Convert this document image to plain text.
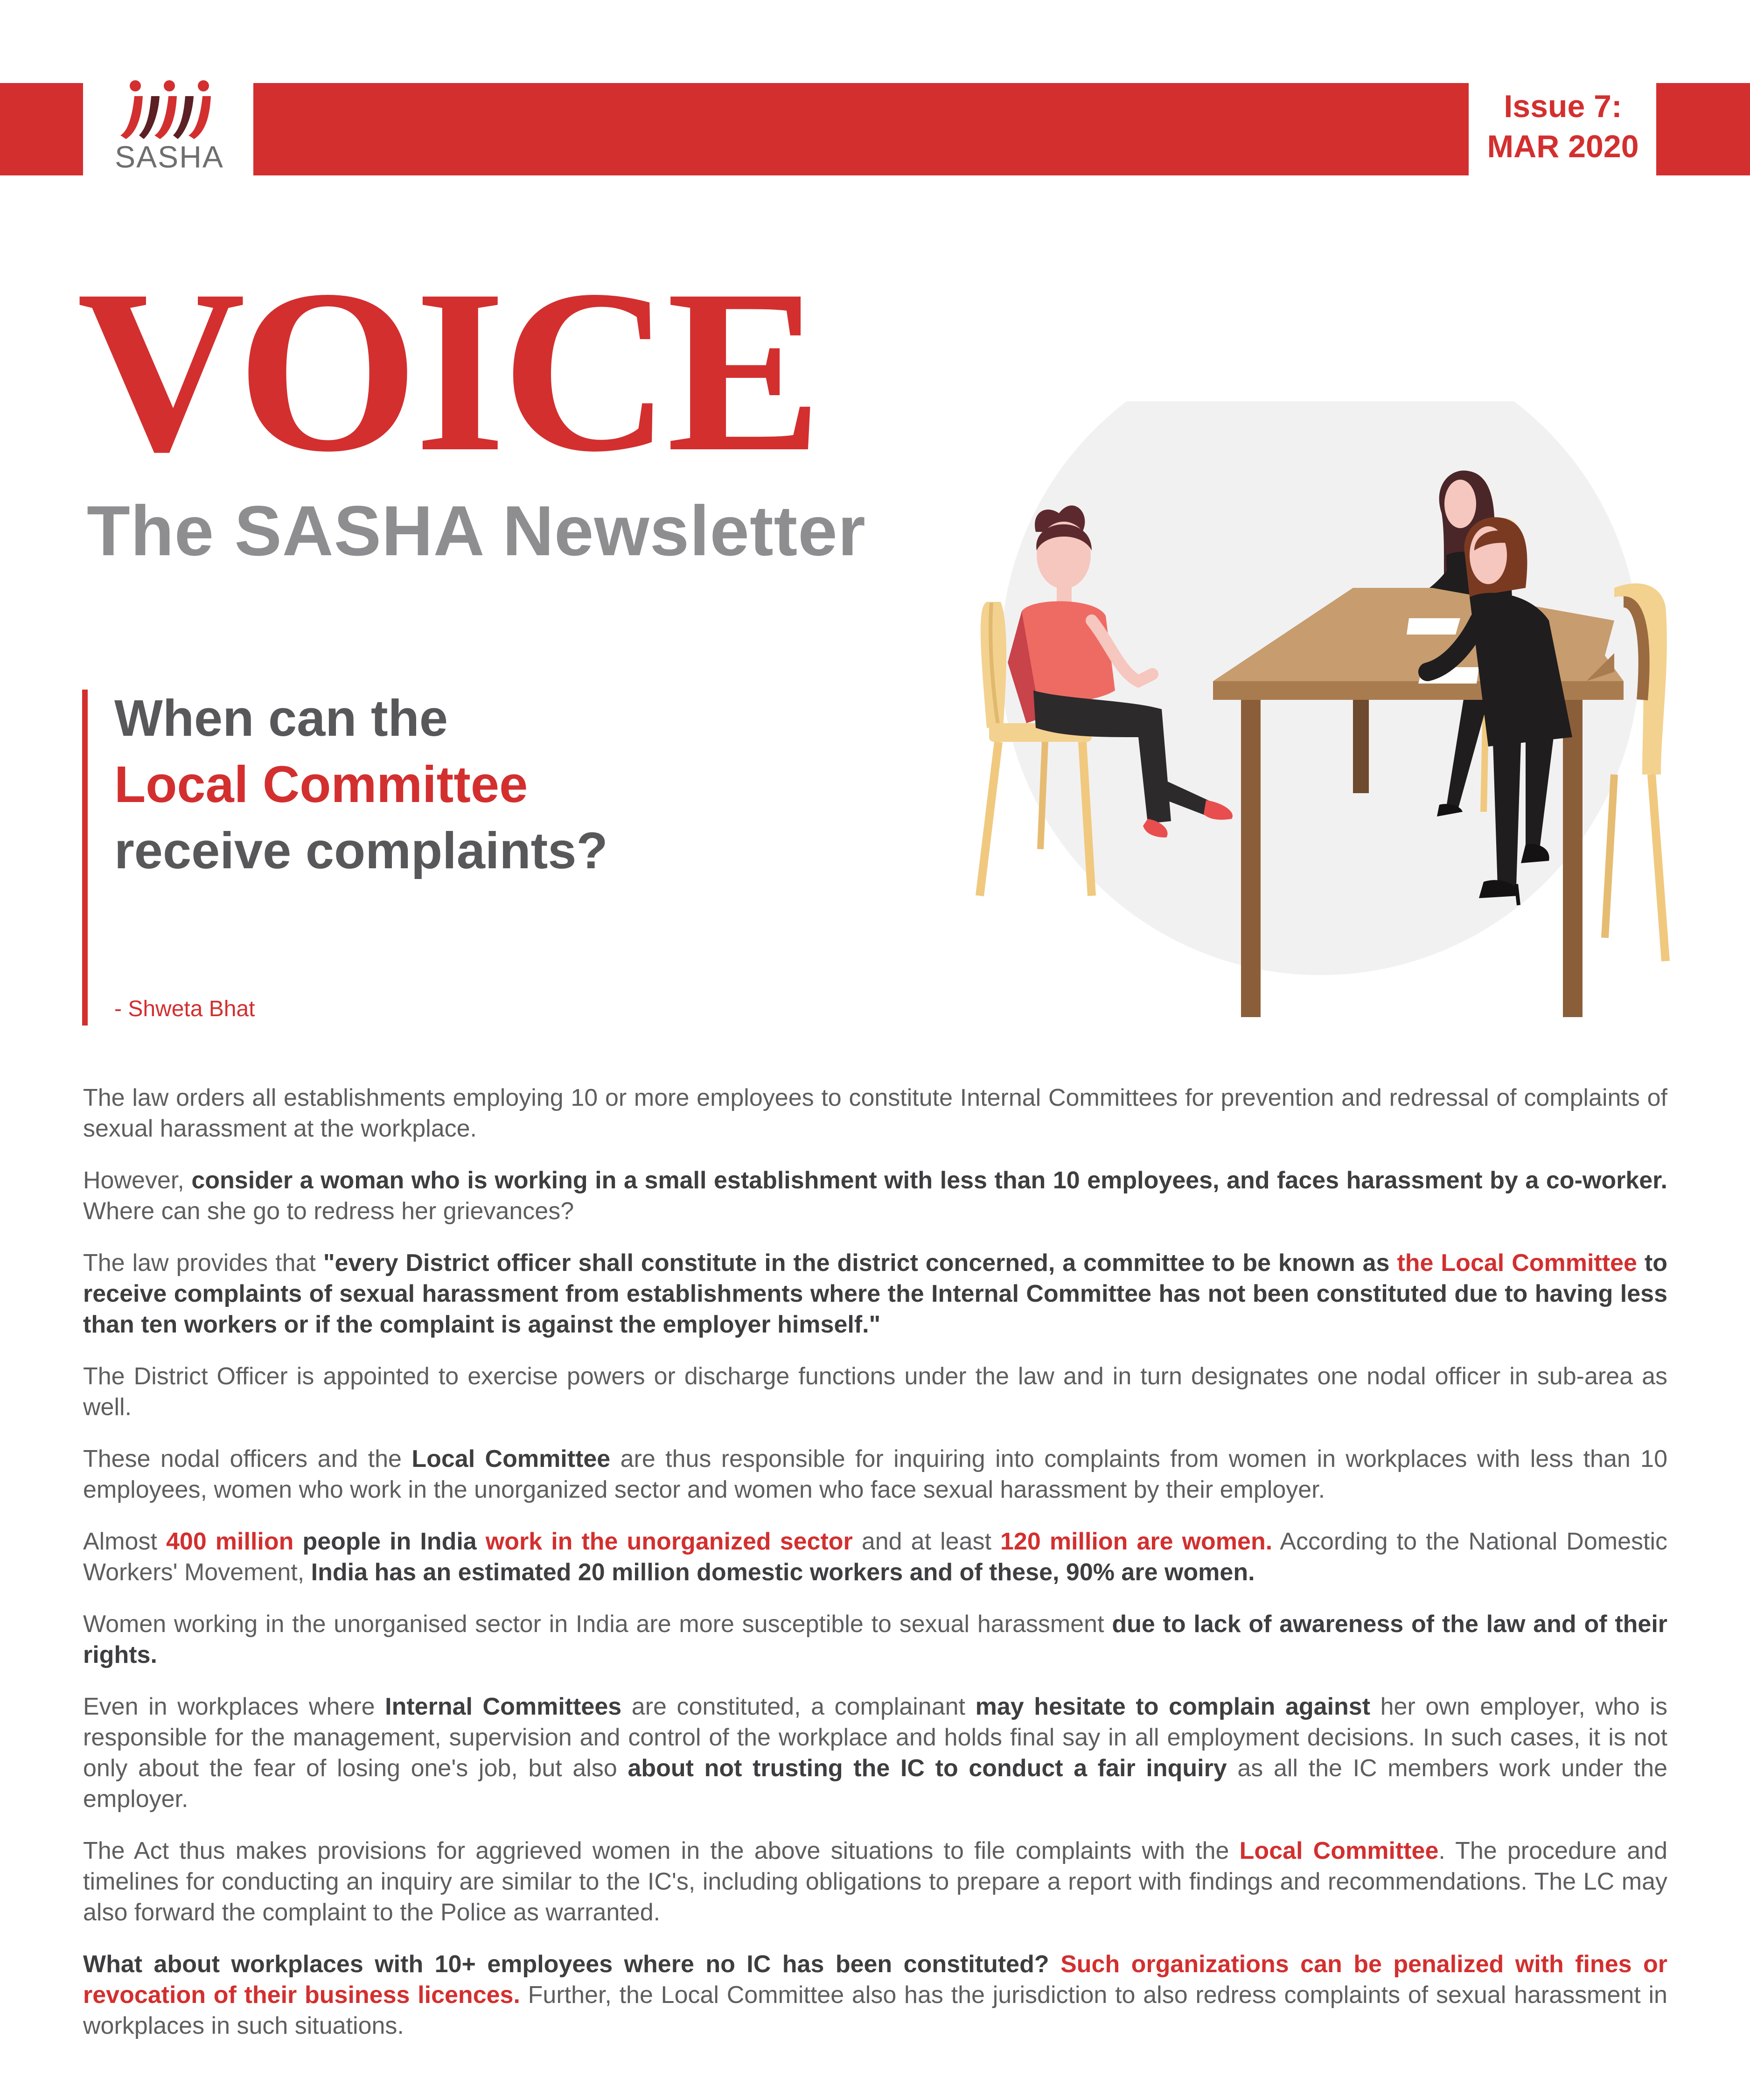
SASHA
Issue 7:
MAR 2020
VOICE
The SASHA Newsletter
When can the
Local Committee
receive complaints?
- Shweta Bhat

The law orders all establishments employing 10 or more employees to constitute Internal Committees for prevention and redressal of complaints of sexual harassment at the workplace.

However, consider a woman who is working in a small establishment with less than 10 employees, and faces harassment by a co-worker. Where can she go to redress her grievances?

The law provides that "every District officer shall constitute in the district concerned, a committee to be known as the Local Committee to receive complaints of sexual harassment from establishments where the Internal Committee has not been constituted due to having less than ten workers or if the complaint is against the employer himself."

The District Officer is appointed to exercise powers or discharge functions under the law and in turn designates one nodal officer in sub-area as well.

These nodal officers and the Local Committee are thus responsible for inquiring into complaints from women in workplaces with less than 10 employees, women who work in the unorganized sector and women who face sexual harassment by their employer.

Almost 400 million people in India work in the unorganized sector and at least 120 million are women. According to the National Domestic Workers' Movement, India has an estimated 20 million domestic workers and of these, 90% are women.

Women working in the unorganised sector in India are more susceptible to sexual harassment due to lack of awareness of the law and of their rights.

Even in workplaces where Internal Committees are constituted, a complainant may hesitate to complain against her own employer, who is responsible for the management, supervision and control of the workplace and holds final say in all employment decisions. In such cases, it is not only about the fear of losing one's job, but also about not trusting the IC to conduct a fair inquiry as all the IC members work under the employer.

The Act thus makes provisions for aggrieved women in the above situations to file complaints with the Local Committee. The procedure and timelines for conducting an inquiry are similar to the IC's, including obligations to prepare a report with findings and recommendations. The LC may also forward the complaint to the Police as warranted.

What about workplaces with 10+ employees where no IC has been constituted? Such organizations can be penalized with fines or revocation of their business licences. Further, the Local Committee also has the jurisdiction to also redress complaints of sexual harassment in workplaces in such situations.
